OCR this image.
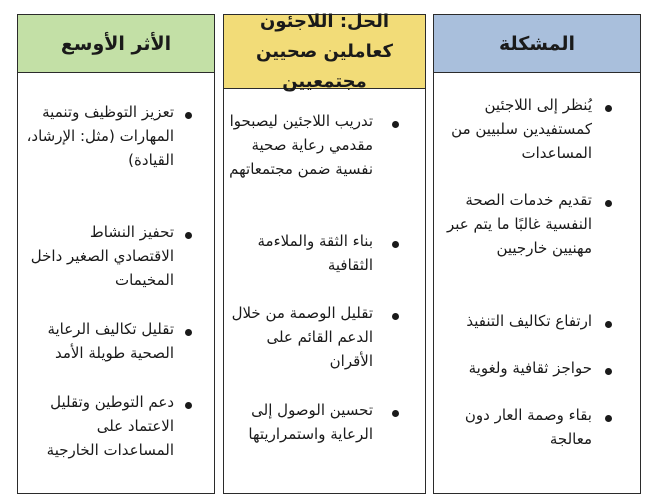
المشكلة
يُنظر إلى اللاجئين كمستفيدين سلبيين من المساعدات
تقديم خدمات الصحة النفسية غالبًا ما يتم عبر مهنيين خارجيين
ارتفاع تكاليف التنفيذ
حواجز ثقافية ولغوية
بقاء وصمة العار دون معالجة
الحل: اللاجئون كعاملين صحيين مجتمعيين
تدريب اللاجئين ليصبحوا مقدمي رعاية صحية نفسية ضمن مجتمعاتهم
بناء الثقة والملاءمة الثقافية
تقليل الوصمة من خلال الدعم القائم على الأقران
تحسين الوصول إلى الرعاية واستمراريتها
الأثر الأوسع
تعزيز التوظيف وتنمية المهارات (مثل: الإرشاد، القيادة)
تحفيز النشاط الاقتصادي الصغير داخل المخيمات
تقليل تكاليف الرعاية الصحية طويلة الأمد
دعم التوطين وتقليل الاعتماد على المساعدات الخارجية
